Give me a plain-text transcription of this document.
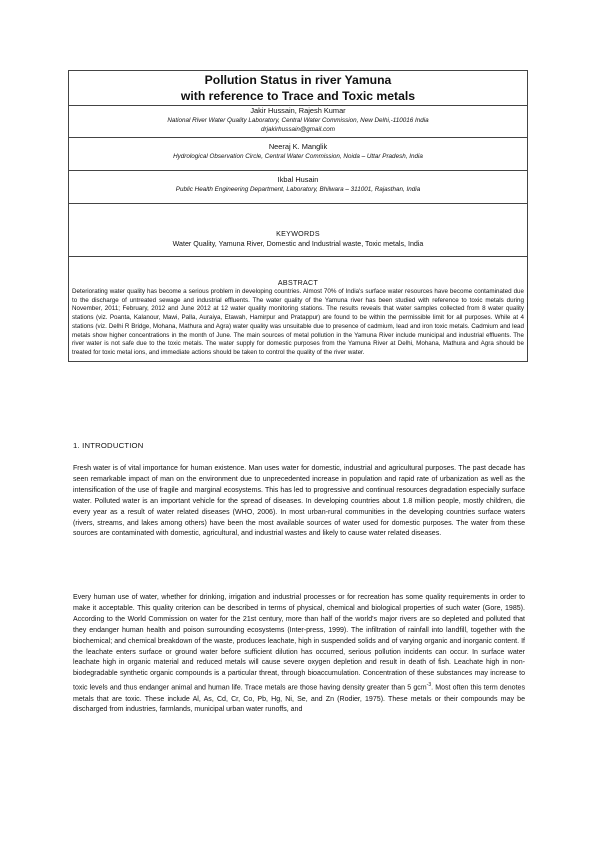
Pollution Status in river Yamuna
with reference to Trace and Toxic metals
Jakir Hussain, Rajesh Kumar
National River Water Quality Laboratory, Central Water Commission, New Delhi,-110016 India
drjakirhussain@gmail.com
Neeraj K. Manglik
Hydrological Observation Circle, Central Water Commission, Noida – Uttar Pradesh, India
Ikbal Husain
Public Health Engineering Department, Laboratory, Bhilwara – 311001, Rajasthan, India
KEYWORDS
Water Quality, Yamuna River, Domestic and Industrial waste, Toxic metals, India
ABSTRACT
Deteriorating water quality has become a serious problem in developing countries. Almost 70% of India's surface water resources have become contaminated due to the discharge of untreated sewage and industrial effluents. The water quality of the Yamuna river has been studied with reference to toxic metals during November, 2011; February, 2012 and June 2012 at 12 water quality monitoring stations. The results reveals that water samples collected from 8 water quality stations (viz. Poanta, Kalanour, Mawi, Palla, Auraiya, Etawah, Hamirpur and Pratappur) are found to be within the permissible limit for all purposes. While at 4 stations (viz. Delhi R Bridge, Mohana, Mathura and Agra) water quality was unsuitable due to presence of cadmium, lead and iron toxic metals. Cadmium and lead metals show higher concentrations in the month of June. The main sources of metal pollution in the Yamuna River include municipal and industrial effluents. The river water is not safe due to the toxic metals. The water supply for domestic purposes from the Yamuna River at Delhi, Mohana, Mathura and Agra should be treated for toxic metal ions, and immediate actions should be taken to control the quality of the river water.
1. INTRODUCTION

Fresh water is of vital importance for human existence. Man uses water for domestic, industrial and agricultural purposes. The past decade has seen remarkable impact of man on the environment due to unprecedented increase in population and rapid rate of urbanization as well as the intensification of the use of fragile and marginal ecosystems. This has led to progressive and continual resources degradation especially surface water. Polluted water is an important vehicle for the spread of diseases. In developing countries about 1.8 million people, mostly children, die every year as a result of water related diseases (WHO, 2006). In most urban-rural communities in the developing countries surface waters (rivers, streams, and lakes among others) have been the most available sources of water used for domestic purposes. The water from these sources are contaminated with domestic, agricultural, and industrial wastes and likely to cause water related diseases.

Every human use of water, whether for drinking, irrigation and industrial processes or for recreation has some quality requirements in order to make it acceptable. This quality criterion can be described in terms of physical, chemical and biological properties of such water (Gore, 1985). According to the World Commission on water for the 21st century, more than half of the world's major rivers are so depleted and polluted that they endanger human health and poison surrounding ecosystems (Inter-press, 1999). The infiltration of rainfall into landfill, together with the biochemical; and chemical breakdown of the waste, produces leachate, high in suspended solids and of varying organic and inorganic content. If the leachate enters surface or ground water before sufficient dilution has occurred, serious pollution incidents can occur. In surface water leachate high in organic material and reduced metals will cause severe oxygen depletion and result in death of fish. Leachate high in non-biodegradable synthetic organic compounds is a particular threat, through bioaccumulation. Concentration of these substances may increase to toxic levels and thus endanger animal and human life. Trace metals are those having density greater than 5 gcm$^{-3}$. Most often this term denotes metals that are toxic. These include Al, As, Cd, Cr, Co, Pb, Hg, Ni, Se, and Zn (Rodier, 1975). These metals or their compounds may be discharged from industries, farmlands, municipal urban water runoffs, and
